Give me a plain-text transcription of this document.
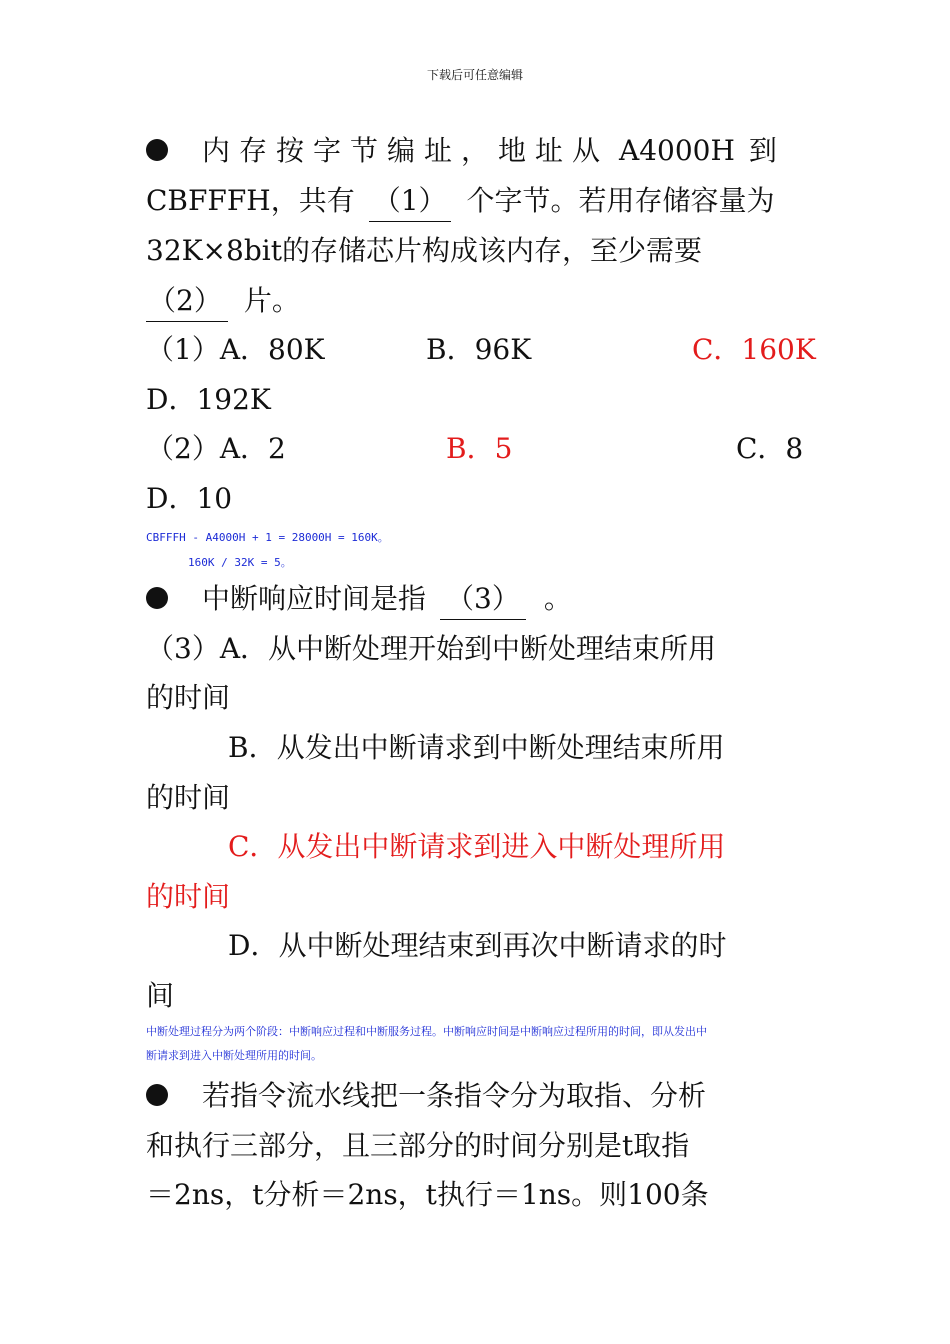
下载后可任意编辑
内存按字节编址，地址从 A4000H 到
CBFFFH，共有 （1） 个字节。若用存储容量为
32K×8bit的存储芯片构成该内存，至少需要
（2） 片。
（1）A．80K	B．96K	C．160K
D．192K
（2）A．2	B．5	C．8
D．10
CBFFFH - A4000H + 1 = 28000H = 160K。
160K / 32K = 5。
中断响应时间是指 （3） 。
（3）A．从中断处理开始到中断处理结束所用
的时间
B．从发出中断请求到中断处理结束所用
的时间
C．从发出中断请求到进入中断处理所用
的时间
D．从中断处理结束到再次中断请求的时
间
中断处理过程分为两个阶段：中断响应过程和中断服务过程。中断响应时间是中断响应过程所用的时间，即从发出中
断请求到进入中断处理所用的时间。
若指令流水线把一条指令分为取指、分析
和执行三部分，且三部分的时间分别是t取指
＝2ns，t分析＝2ns，t执行＝1ns。则100条
